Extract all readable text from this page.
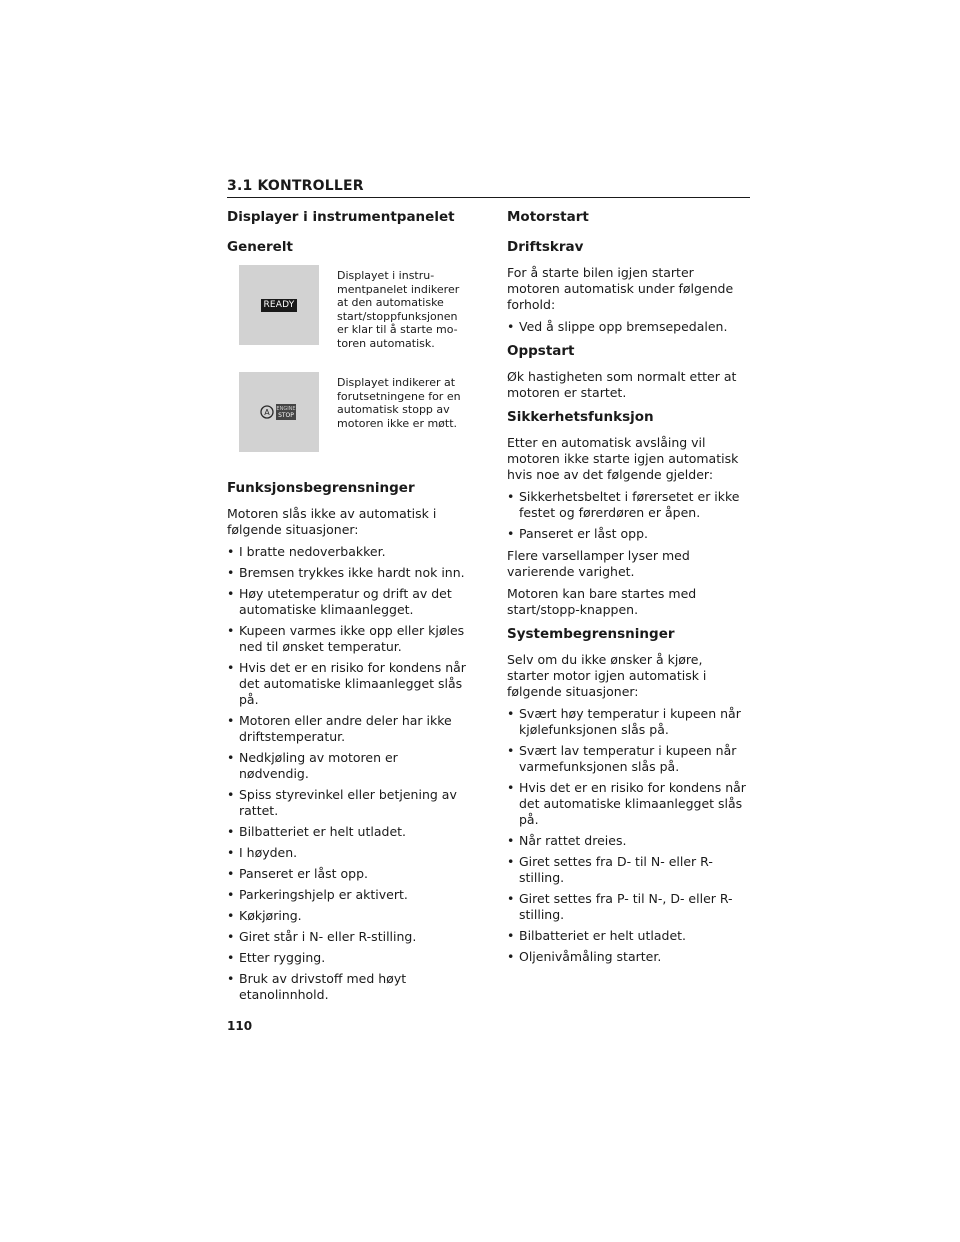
3.1 KONTROLLER
Displayer i instrumentpanelet
Generelt
READY
Displayet i instru-
mentpanelet indikerer
at den automatiske
start/stoppfunksjonen
er klar til å starte mo-
toren automatisk.
A ENGINE
STOP
Displayet indikerer at
forutsetningene for en
automatisk stopp av
motoren ikke er møtt.
Funksjonsbegrensninger

Motoren slås ikke av automatisk i følgende situasjoner:

• I bratte nedoverbakker.
• Bremsen trykkes ikke hardt nok inn.
• Høy utetemperatur og drift av det automatiske klimaanlegget.
• Kupeen varmes ikke opp eller kjøles ned til ønsket temperatur.
• Hvis det er en risiko for kondens når det automatiske klimaanlegget slås på.
• Motoren eller andre deler har ikke driftstemperatur.
• Nedkjøling av motoren er nødvendig.
• Spiss styrevinkel eller betjening av rattet.
• Bilbatteriet er helt utladet.
• I høyden.
• Panseret er låst opp.
• Parkeringshjelp er aktivert.
• Køkjøring.
• Giret står i N- eller R-stilling.
• Etter rygging.
• Bruk av drivstoff med høyt etanolinnhold.
Motorstart
Driftskrav

For å starte bilen igjen starter motoren automatisk under følgende forhold:

• Ved å slippe opp bremsepedalen.
Oppstart

Øk hastigheten som normalt etter at motoren er startet.

Sikkerhetsfunksjon

Etter en automatisk avslåing vil motoren ikke starte igjen automatisk hvis noe av det følgende gjelder:

• Sikkerhetsbeltet i førersetet er ikke festet og førerdøren er åpen.
• Panseret er låst opp.

Flere varsellamper lyser med varierende varighet.

Motoren kan bare startes med start/stopp-knappen.

Systembegrensninger

Selv om du ikke ønsker å kjøre, starter motor igjen automatisk i følgende situasjoner:

• Svært høy temperatur i kupeen når kjølefunksjonen slås på.
• Svært lav temperatur i kupeen når varmefunksjonen slås på.
• Hvis det er en risiko for kondens når det automatiske klimaanlegget slås på.
• Når rattet dreies.
• Giret settes fra D- til N- eller R-stilling.
• Giret settes fra P- til N-, D- eller R-stilling.
• Bilbatteriet er helt utladet.
• Oljenivåmåling starter.
110
